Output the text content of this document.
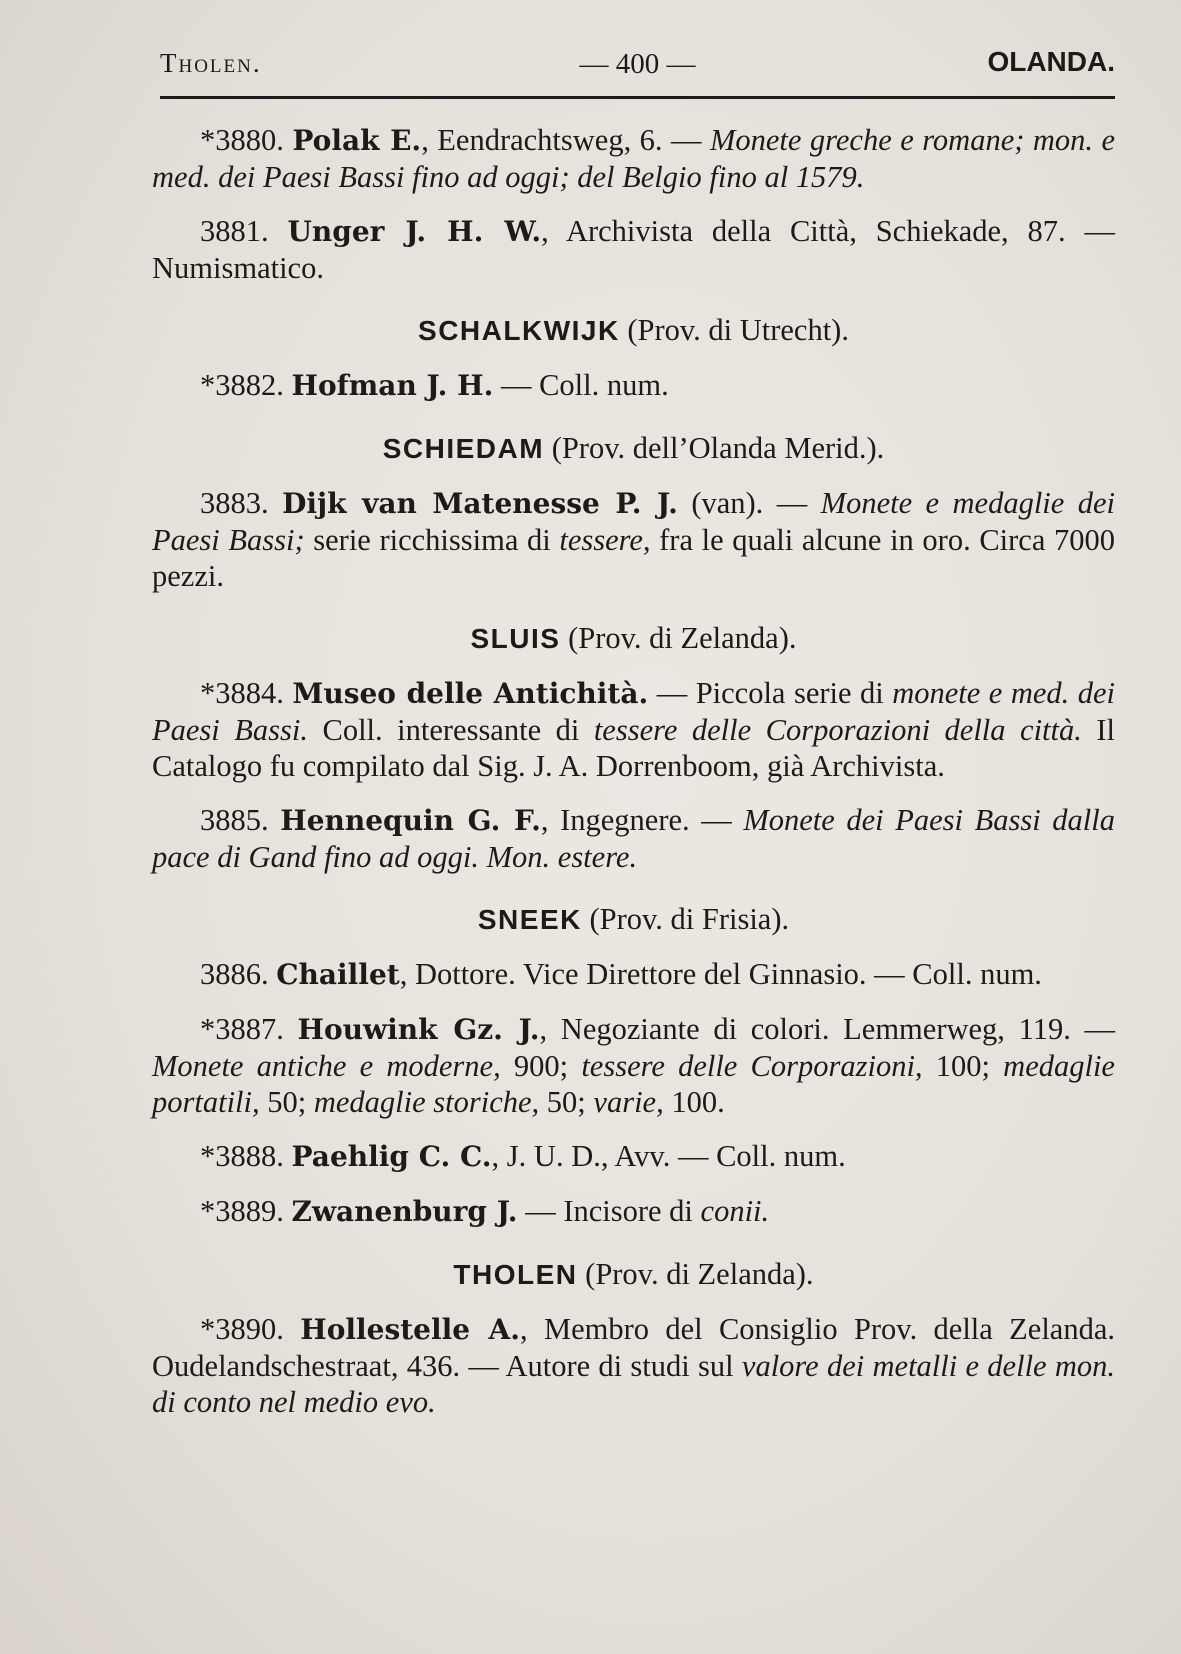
Tholen.	— 400 —	OLANDA.

*3880. Polak E., Eendrachtsweg, 6. — Monete greche e romane; mon. e med. dei Paesi Bassi fino ad oggi; del Belgio fino al 1579.

3881. Unger J. H. W., Archivista della Città, Schiekade, 87. — Numismatico.

SCHALKWIJK (Prov. di Utrecht).

*3882. Hofman J. H. — Coll. num.

SCHIEDAM (Prov. dell’Olanda Merid.).

3883. Dijk van Matenesse P. J. (van). — Monete e medaglie dei Paesi Bassi; serie ricchissima di tessere, fra le quali alcune in oro. Circa 7000 pezzi.

SLUIS (Prov. di Zelanda).

*3884. Museo delle Antichità. — Piccola serie di monete e med. dei Paesi Bassi. Coll. interessante di tessere delle Corporazioni della città. Il Catalogo fu compilato dal Sig. J. A. Dorrenboom, già Archivista.

3885. Hennequin G. F., Ingegnere. — Monete dei Paesi Bassi dalla pace di Gand fino ad oggi. Mon. estere.

SNEEK (Prov. di Frisia).

3886. Chaillet, Dottore. Vice Direttore del Ginnasio. — Coll. num.

*3887. Houwink Gz. J., Negoziante di colori. Lemmerweg, 119. — Monete antiche e moderne, 900; tessere delle Corporazioni, 100; medaglie portatili, 50; medaglie storiche, 50; varie, 100.

*3888. Paehlig C. C., J. U. D., Avv. — Coll. num.

*3889. Zwanenburg J. — Incisore di conii.

THOLEN (Prov. di Zelanda).

*3890. Hollestelle A., Membro del Consiglio Prov. della Zelanda. Oudelandschestraat, 436. — Autore di studi sul valore dei metalli e delle mon. di conto nel medio evo.
